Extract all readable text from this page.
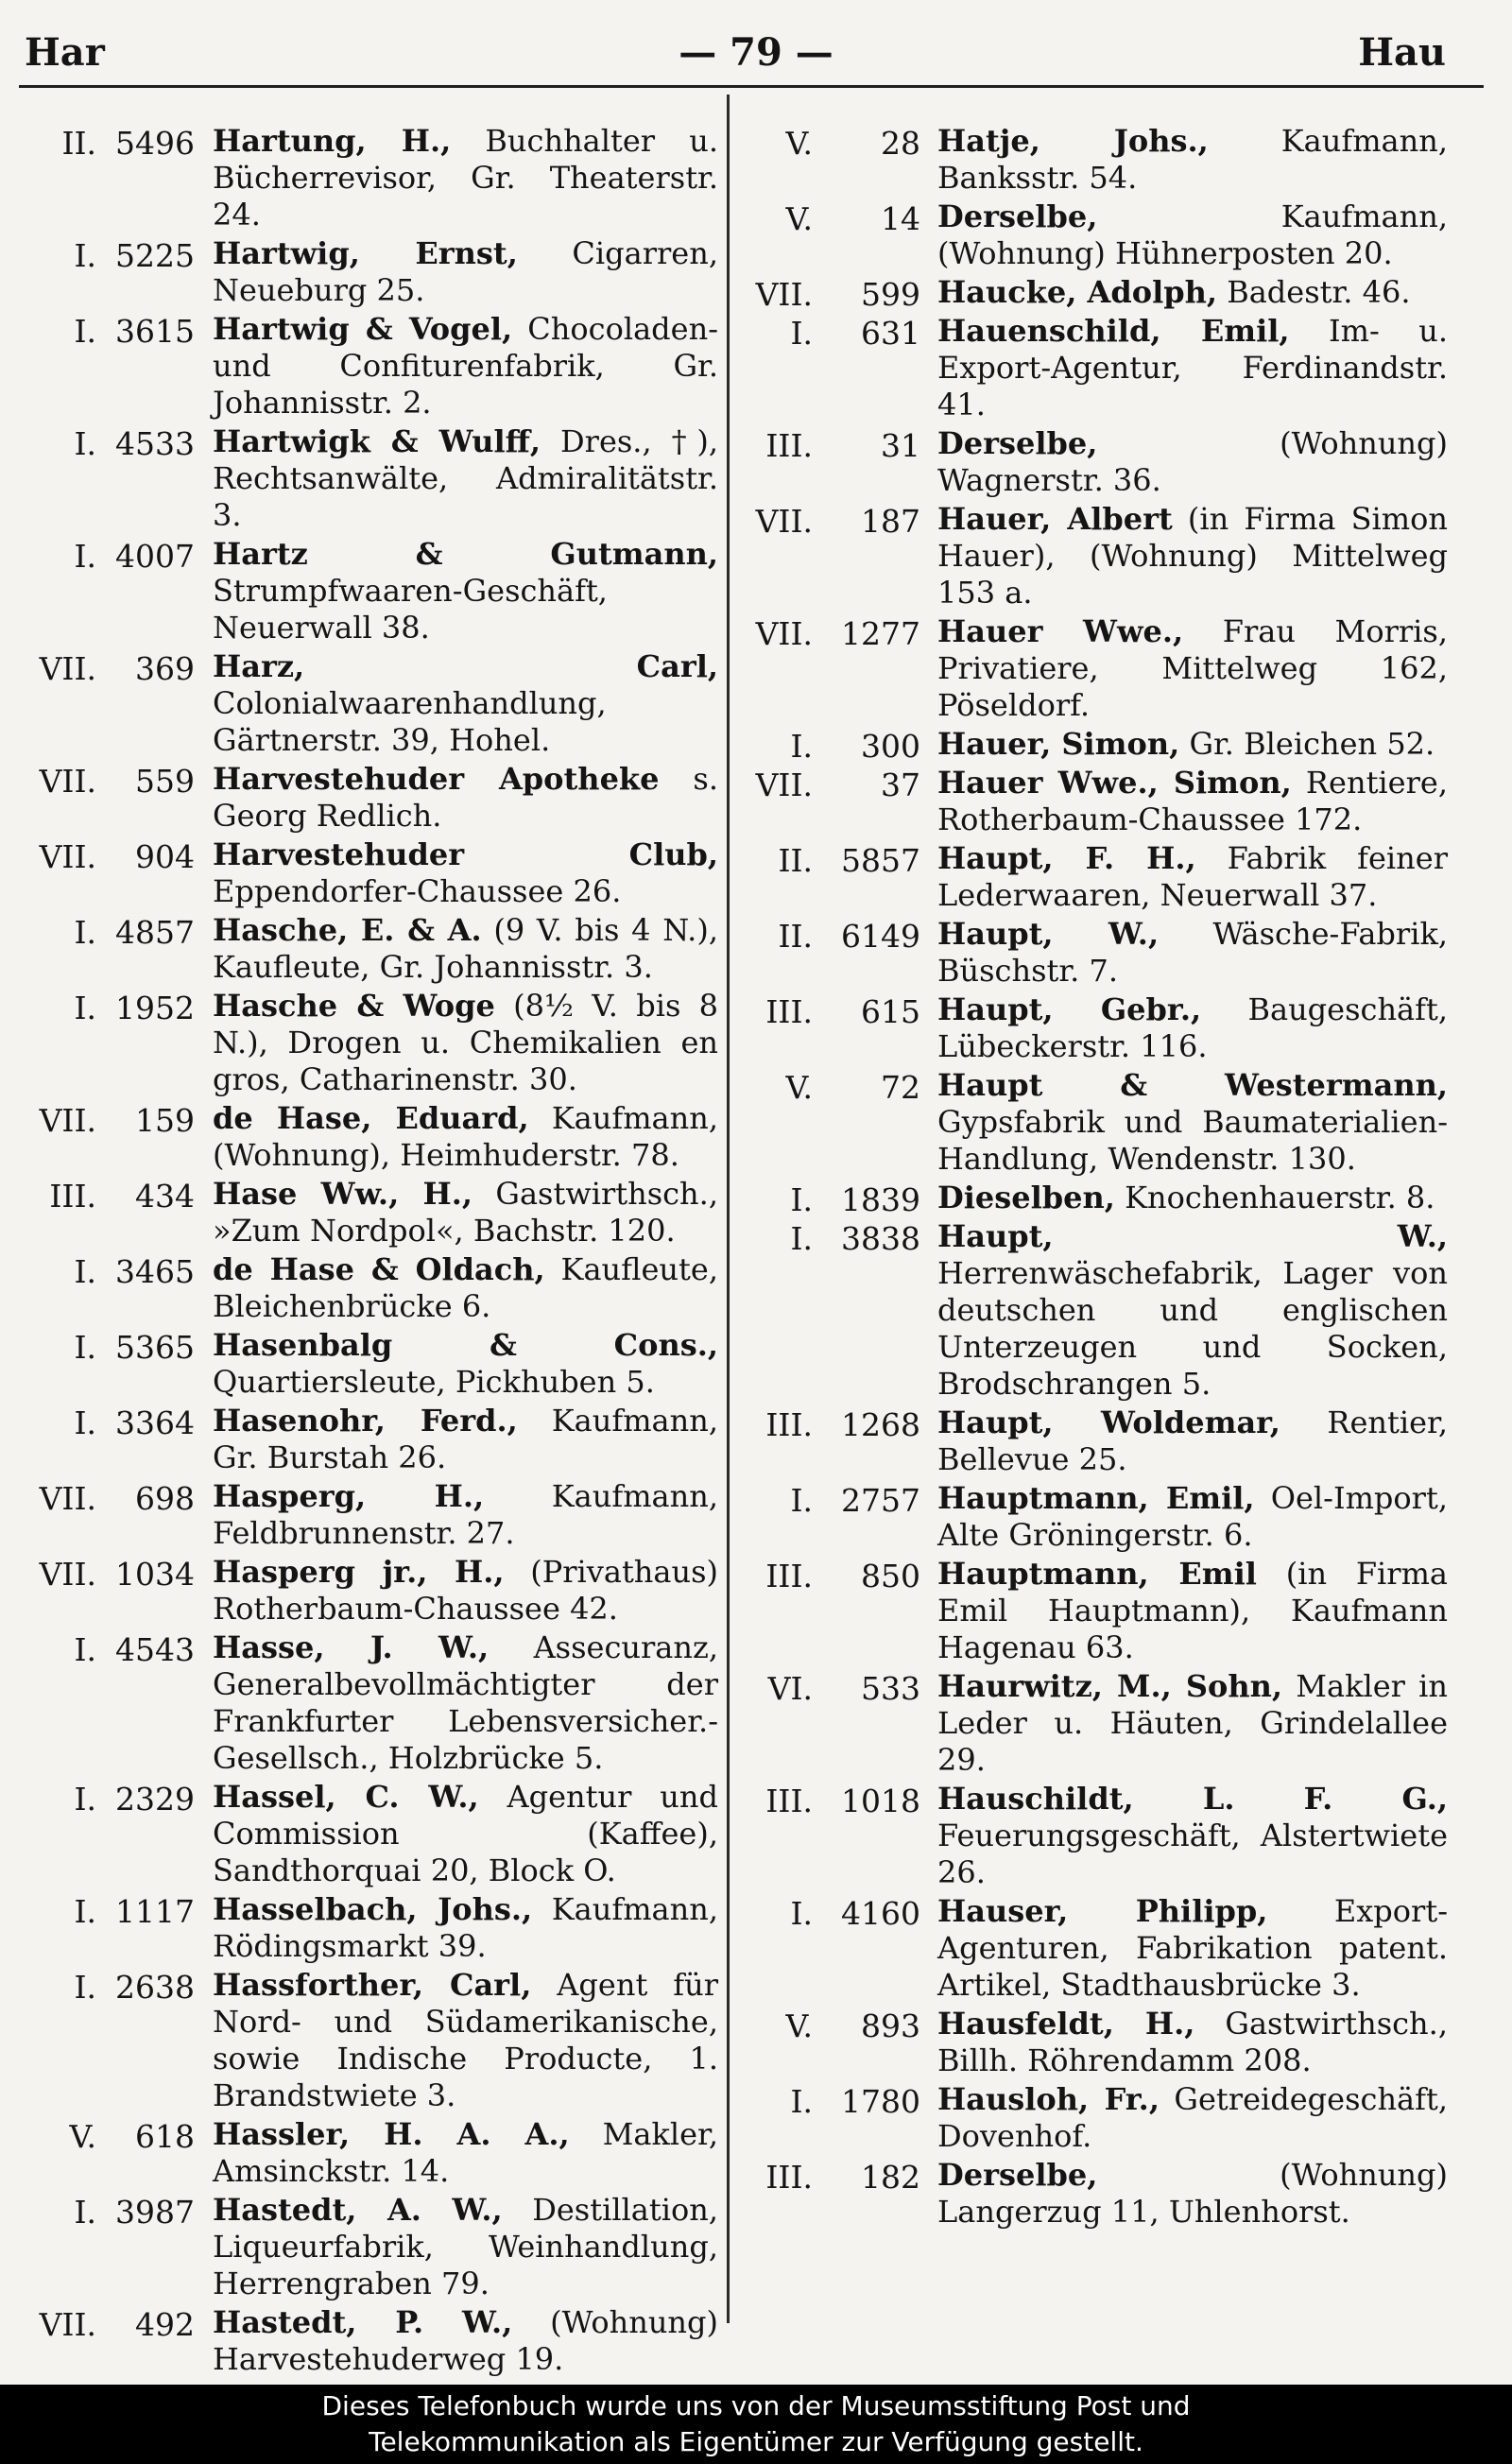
Har	— 79 —	Hau
II. 5496 Hartung, H., Buchhalter u. Bücherrevisor, Gr. Theaterstr. 24.
I. 5225 Hartwig, Ernst, Cigarren, Neueburg 25.
I. 3615 Hartwig & Vogel, Chocoladen- und Confiturenfabrik, Gr. Johannisstr. 2.
I. 4533 Hartwigk & Wulff, Dres., †), Rechtsanwälte, Admiralitätstr. 3.
I. 4007 Hartz & Gutmann, Strumpfwaaren-Geschäft, Neuerwall 38.
VII.	369 Harz, Carl, Colonialwaarenhandlung, Gärtnerstr. 39, Hohel.
VII.	559 Harvestehuder Apotheke s. Georg Redlich.
VII.	904 Harvestehuder Club, Eppendorfer-Chaussee 26.
I. 4857 Hasche, E. & A. (9 V. bis 4 N.), Kaufleute, Gr. Johannisstr. 3.
I. 1952 Hasche & Woge (8½ V. bis 8 N.), Drogen u. Chemikalien en gros, Catharinenstr. 30.
VII.	159 de Hase, Eduard, Kaufmann, (Wohnung), Heimhuderstr. 78.
III.	434 Hase Ww., H., Gastwirthsch., »Zum Nordpol«, Bachstr. 120.
I. 3465 de Hase & Oldach, Kaufleute, Bleichenbrücke 6.
I. 5365 Hasenbalg & Cons., Quartiersleute, Pickhuben 5.
I. 3364 Hasenohr, Ferd., Kaufmann, Gr. Burstah 26.
VII.	698 Hasperg, H., Kaufmann, Feldbrunnenstr. 27.
VII. 1034 Hasperg jr., H., (Privathaus) Rotherbaum-Chaussee 42.
I. 4543 Hasse, J. W., Assecuranz, Generalbevollmächtigter der Frankfurter Lebensversicher.-Gesellsch., Holzbrücke 5.
I. 2329 Hassel, C. W., Agentur und Commission (Kaffee), Sandthorquai 20, Block O.
I. 1117 Hasselbach, Johs., Kaufmann, Rödingsmarkt 39.
I. 2638 Hassforther, Carl, Agent für Nord- und Südamerikanische, sowie Indische Producte, 1. Brandstwiete 3.
V.	618 Hassler, H. A. A., Makler, Amsinckstr. 14.
I. 3987 Hastedt, A. W., Destillation, Liqueurfabrik, Weinhandlung, Herrengraben 79.
VII.	492 Hastedt, P. W., (Wohnung) Harvestehuderweg 19.
V.	28 Hatje, Johs., Kaufmann, Banksstr. 54.
V.	14 Derselbe, Kaufmann, (Wohnung) Hühnerposten 20.
VII.	599 Haucke, Adolph, Badestr. 46.
I.	631 Hauenschild, Emil, Im- u. Export-Agentur, Ferdinandstr. 41.
III.	31 Derselbe, (Wohnung) Wagnerstr. 36.
VII.	187 Hauer, Albert (in Firma Simon Hauer), (Wohnung) Mittelweg 153 a.
VII. 1277 Hauer Wwe., Frau Morris, Privatiere, Mittelweg 162, Pöseldorf.
I.	300 Hauer, Simon, Gr. Bleichen 52.
VII.	37 Hauer Wwe., Simon, Rentiere, Rotherbaum-Chaussee 172.
II. 5857 Haupt, F. H., Fabrik feiner Lederwaaren, Neuerwall 37.
II. 6149 Haupt, W., Wäsche-Fabrik, Büschstr. 7.
III.	615 Haupt, Gebr., Baugeschäft, Lübeckerstr. 116.
V.	72 Haupt & Westermann, Gypsfabrik und Baumaterialien-Handlung, Wendenstr. 130.
I. 1839 Dieselben, Knochenhauerstr. 8.
I. 3838 Haupt, W., Herrenwäschefabrik, Lager von deutschen und englischen Unterzeugen und Socken, Brodschrangen 5.
III. 1268 Haupt, Woldemar, Rentier, Bellevue 25.
I. 2757 Hauptmann, Emil, Oel-Import, Alte Gröningerstr. 6.
III.	850 Hauptmann, Emil (in Firma Emil Hauptmann), Kaufmann Hagenau 63.
VI.	533 Haurwitz, M., Sohn, Makler in Leder u. Häuten, Grindelallee 29.
III. 1018 Hauschildt, L. F. G., Feuerungsgeschäft, Alstertwiete 26.
I. 4160 Hauser, Philipp, Export-Agenturen, Fabrikation patent. Artikel, Stadthausbrücke 3.
V.	893 Hausfeldt, H., Gastwirthsch., Billh. Röhrendamm 208.
I. 1780 Hausloh, Fr., Getreidegeschäft, Dovenhof.
III.	182 Derselbe, (Wohnung) Langerzug 11, Uhlenhorst.
Dieses Telefonbuch wurde uns von der Museumsstiftung Post und
Telekommunikation als Eigentümer zur Verfügung gestellt.
